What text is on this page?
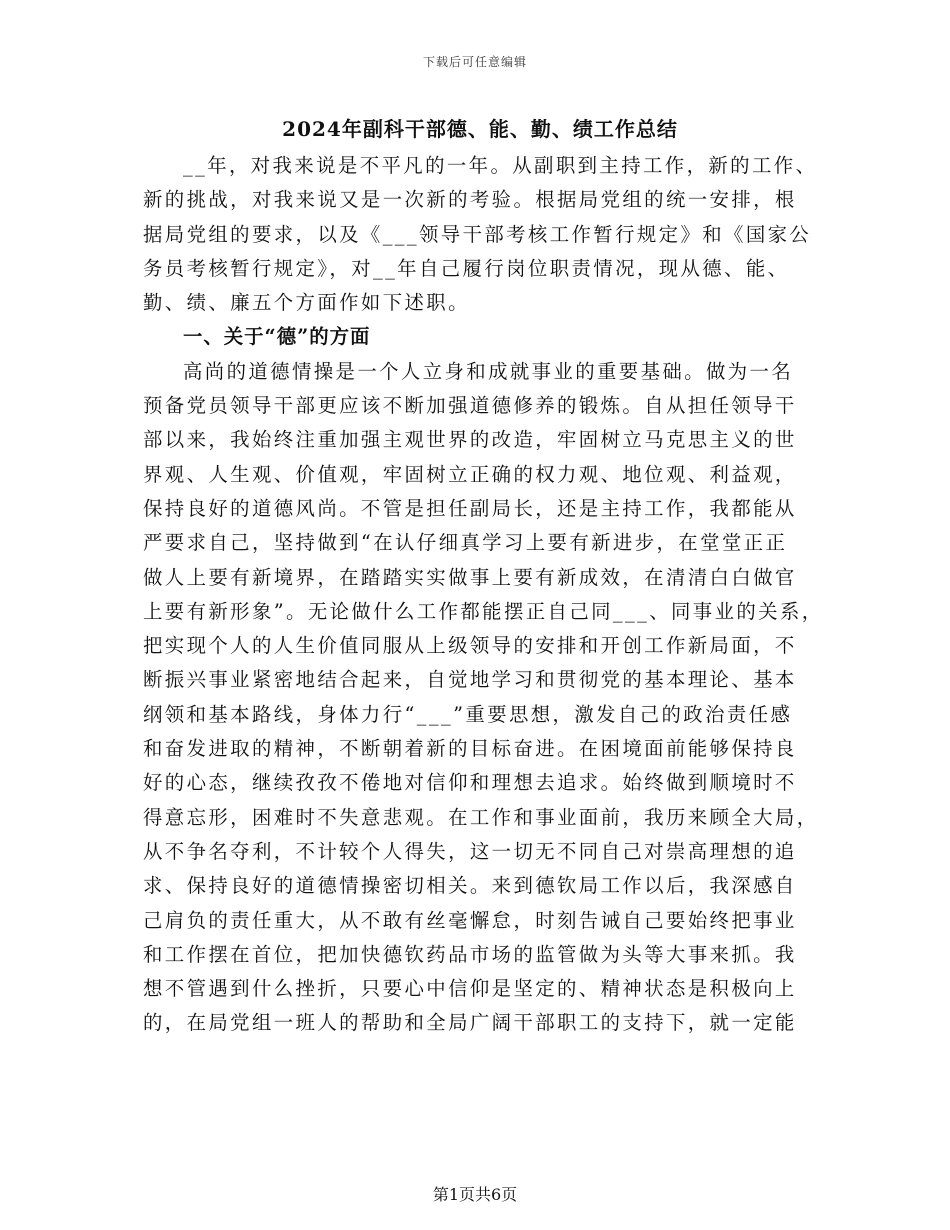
下载后可任意编辑
2024年副科干部德、能、勤、绩工作总结
__年，对我来说是不平凡的一年。从副职到主持工作，新的工作、
新的挑战，对我来说又是一次新的考验。根据局党组的统一安排，根
据局党组的要求，以及《___领导干部考核工作暂行规定》和《国家公
务员考核暂行规定》，对__年自己履行岗位职责情况，现从德、能、
勤、绩、廉五个方面作如下述职。
一、关于“德”的方面
高尚的道德情操是一个人立身和成就事业的重要基础。做为一名
预备党员领导干部更应该不断加强道德修养的锻炼。自从担任领导干
部以来，我始终注重加强主观世界的改造，牢固树立马克思主义的世
界观、人生观、价值观，牢固树立正确的权力观、地位观、利益观，
保持良好的道德风尚。不管是担任副局长，还是主持工作，我都能从
严要求自己，坚持做到“在认仔细真学习上要有新进步，在堂堂正正
做人上要有新境界，在踏踏实实做事上要有新成效，在清清白白做官
上要有新形象”。无论做什么工作都能摆正自己同___、同事业的关系，
把实现个人的人生价值同服从上级领导的安排和开创工作新局面，不
断振兴事业紧密地结合起来，自觉地学习和贯彻党的基本理论、基本
纲领和基本路线，身体力行“___”重要思想，激发自己的政治责任感
和奋发进取的精神，不断朝着新的目标奋进。在困境面前能够保持良
好的心态，继续孜孜不倦地对信仰和理想去追求。始终做到顺境时不
得意忘形，困难时不失意悲观。在工作和事业面前，我历来顾全大局，
从不争名夺利，不计较个人得失，这一切无不同自己对崇高理想的追
求、保持良好的道德情操密切相关。来到德钦局工作以后，我深感自
己肩负的责任重大，从不敢有丝毫懈怠，时刻告诫自己要始终把事业
和工作摆在首位，把加快德钦药品市场的监管做为头等大事来抓。我
想不管遇到什么挫折，只要心中信仰是坚定的、精神状态是积极向上
的，在局党组一班人的帮助和全局广阔干部职工的支持下，就一定能
第1页共6页
